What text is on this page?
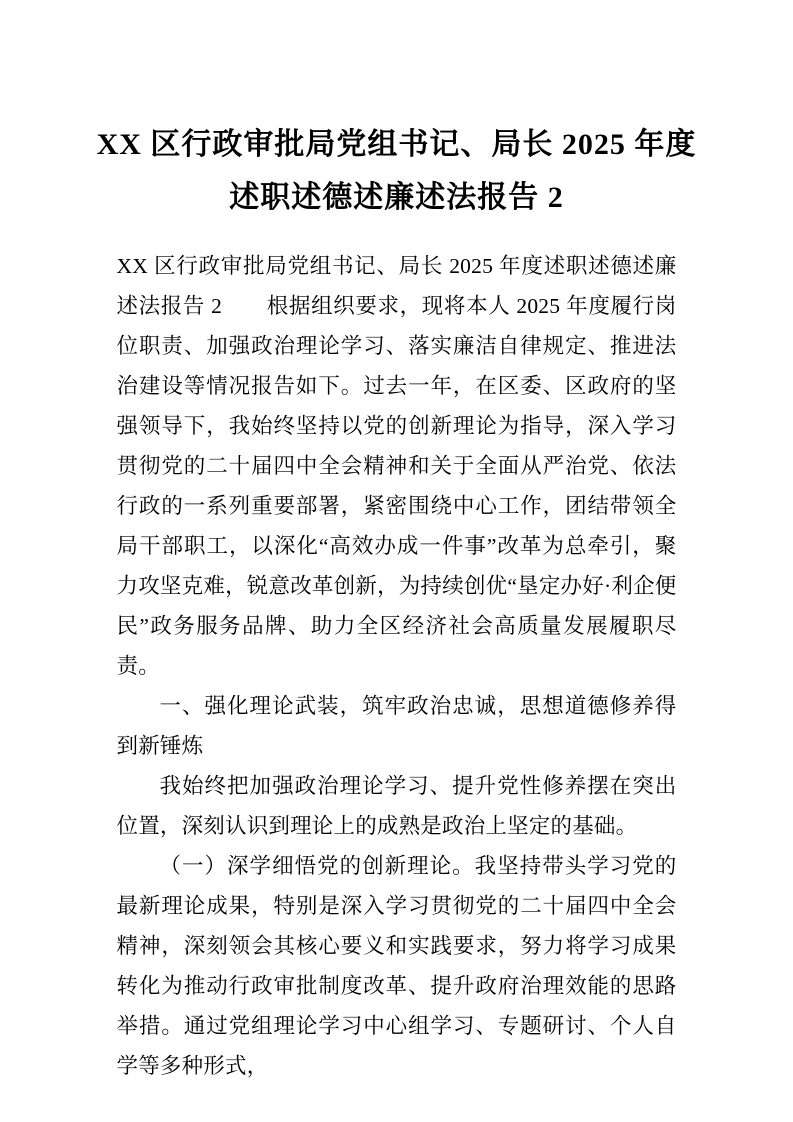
XX 区行政审批局党组书记、局长 2025 年度
述职述德述廉述法报告 2

XX 区行政审批局党组书记、局长 2025 年度述职述德述廉述法报告 2　　根据组织要求，现将本人 2025 年度履行岗位职责、加强政治理论学习、落实廉洁自律规定、推进法治建设等情况报告如下。过去一年，在区委、区政府的坚强领导下，我始终坚持以党的创新理论为指导，深入学习贯彻党的二十届四中全会精神和关于全面从严治党、依法行政的一系列重要部署，紧密围绕中心工作，团结带领全局干部职工，以深化“高效办成一件事”改革为总牵引，聚力攻坚克难，锐意改革创新，为持续创优“垦定办好·利企便民”政务服务品牌、助力全区经济社会高质量发展履职尽责。

一、强化理论武装，筑牢政治忠诚，思想道德修养得到新锤炼

我始终把加强政治理论学习、提升党性修养摆在突出位置，深刻认识到理论上的成熟是政治上坚定的基础。

（一）深学细悟党的创新理论。我坚持带头学习党的最新理论成果，特别是深入学习贯彻党的二十届四中全会精神，深刻领会其核心要义和实践要求，努力将学习成果转化为推动行政审批制度改革、提升政府治理效能的思路举措。通过党组理论学习中心组学习、专题研讨、个人自学等多种形式，
